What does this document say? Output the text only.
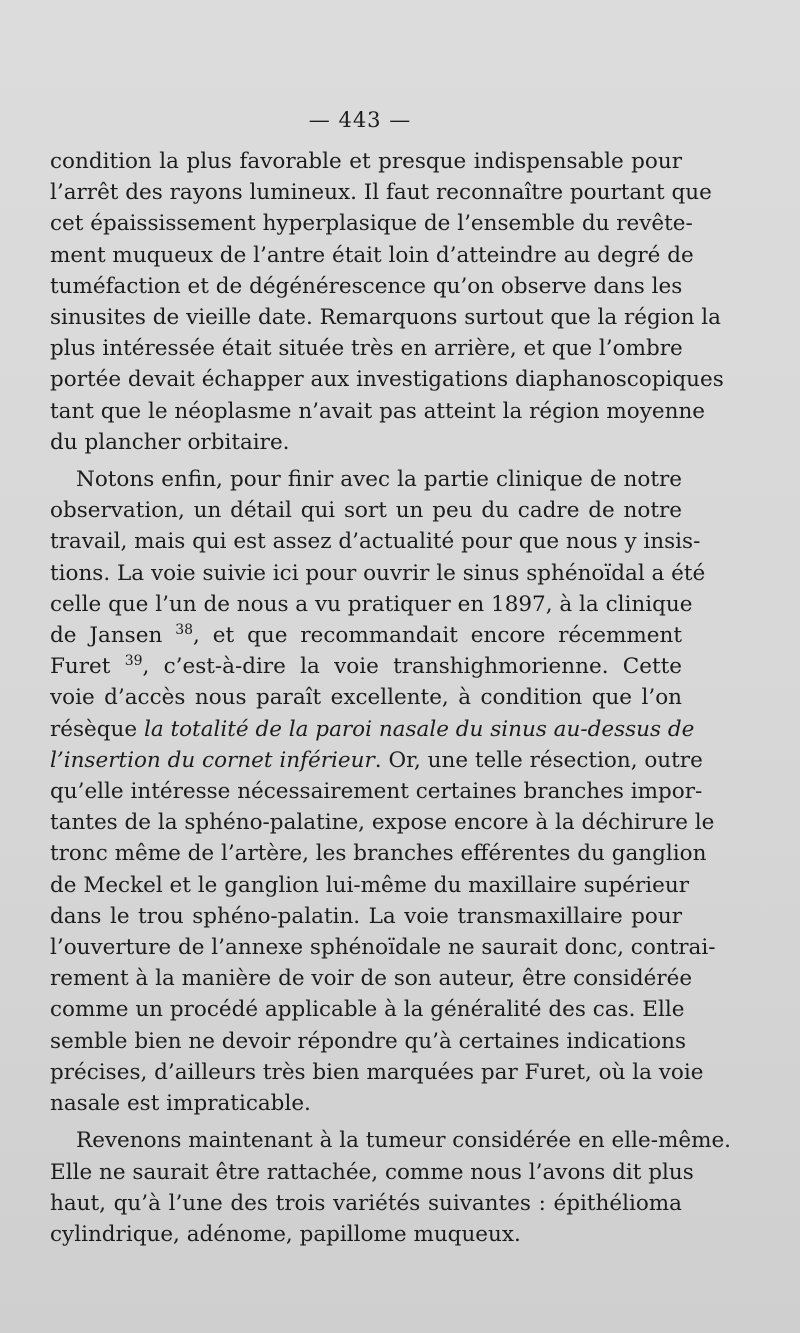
— 443 —

condition la plus favorable et presque indispensable pour
l’arrêt des rayons lumineux. Il faut reconnaître pourtant que
cet épaississement hyperplasique de l’ensemble du revête-
ment muqueux de l’antre était loin d’atteindre au degré de
tuméfaction et de dégénérescence qu’on observe dans les
sinusites de vieille date. Remarquons surtout que la région la
plus intéressée était située très en arrière, et que l’ombre
portée devait échapper aux investigations diaphanoscopiques
tant que le néoplasme n’avait pas atteint la région moyenne
du plancher orbitaire.

Notons enfin, pour finir avec la partie clinique de notre
observation, un détail qui sort un peu du cadre de notre
travail, mais qui est assez d’actualité pour que nous y insis-
tions. La voie suivie ici pour ouvrir le sinus sphénoïdal a été
celle que l’un de nous a vu pratiquer en 1897, à la clinique
de Jansen $^{38}$, et que recommandait encore récemment
Furet $^{39}$, c’est-à-dire la voie transhighmorienne. Cette
voie d’accès nous paraît excellente, à condition que l’on
résèque la totalité de la paroi nasale du sinus au-dessus de
l’insertion du cornet inférieur. Or, une telle résection, outre
qu’elle intéresse nécessairement certaines branches impor-
tantes de la sphéno-palatine, expose encore à la déchirure le
tronc même de l’artère, les branches efférentes du ganglion
de Meckel et le ganglion lui-même du maxillaire supérieur
dans le trou sphéno-palatin. La voie transmaxillaire pour
l’ouverture de l’annexe sphénoïdale ne saurait donc, contrai-
rement à la manière de voir de son auteur, être considérée
comme un procédé applicable à la généralité des cas. Elle
semble bien ne devoir répondre qu’à certaines indications
précises, d’ailleurs très bien marquées par Furet, où la voie
nasale est impraticable.

Revenons maintenant à la tumeur considérée en elle-même.
Elle ne saurait être rattachée, comme nous l’avons dit plus
haut, qu’à l’une des trois variétés suivantes : épithélioma
cylindrique, adénome, papillome muqueux.
